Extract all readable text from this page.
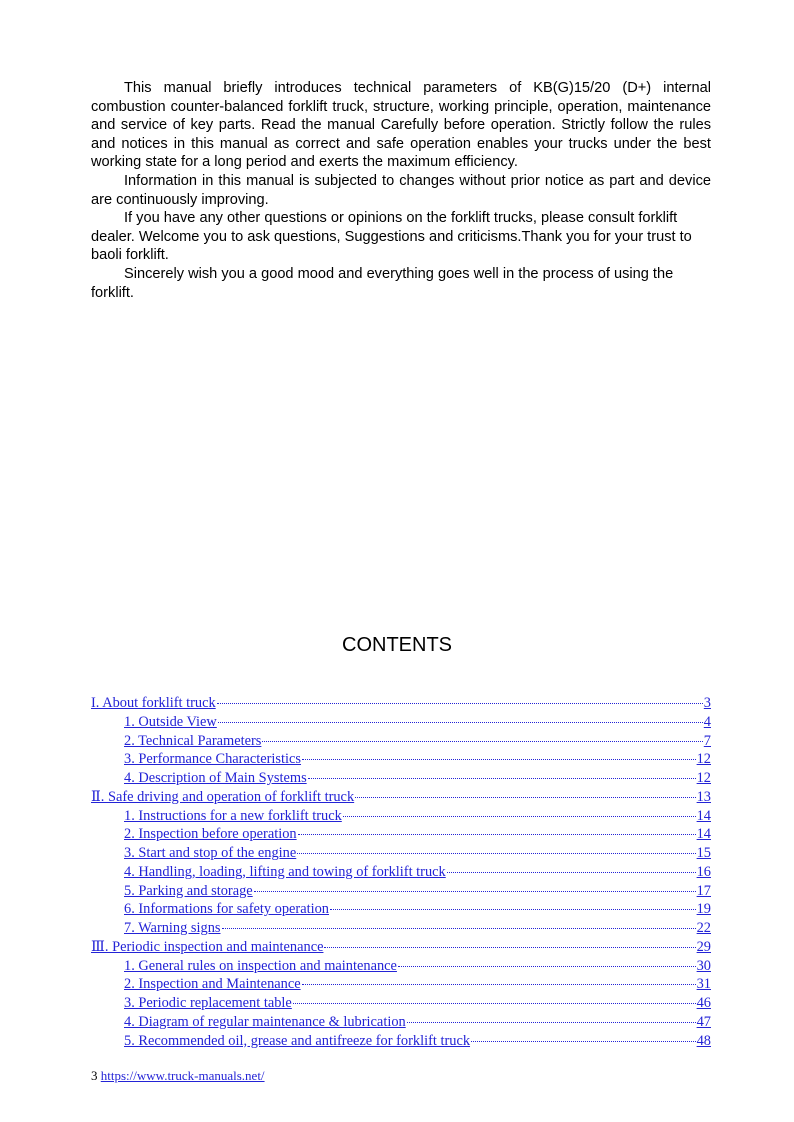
This manual briefly introduces technical parameters of KB(G)15/20 (D+) internal combustion counter-balanced forklift truck, structure, working principle, operation, maintenance and service of key parts. Read the manual Carefully before operation. Strictly follow the rules and notices in this manual as correct and safe operation enables your trucks under the best working state for a long period and exerts the maximum efficiency.

Information in this manual is subjected to changes without prior notice as part and device are continuously improving.

If you have any other questions or opinions on the forklift trucks, please consult forklift dealer. Welcome you to ask questions, Suggestions and criticisms.Thank you for your trust to baoli forklift.

Sincerely wish you a good mood and everything goes well in the process of using the forklift.

CONTENTS
I. About forklift truck	3
1. Outside View	4
2. Technical Parameters	7
3. Performance Characteristics	12
4. Description of Main Systems	12
Ⅱ. Safe driving and operation of forklift truck	13
1. Instructions for a new forklift truck	14
2. Inspection before operation	14
3. Start and stop of the engine	15
4. Handling, loading, lifting and towing of forklift truck	16
5. Parking and storage	17
6. Informations for safety operation	19
7. Warning signs	22
Ⅲ. Periodic inspection and maintenance	29
1. General rules on inspection and maintenance	30
2. Inspection and Maintenance	31
3. Periodic replacement table	46
4. Diagram of regular maintenance & lubrication	47
5. Recommended oil, grease and antifreeze for forklift truck	48
3 https://www.truck-manuals.net/
